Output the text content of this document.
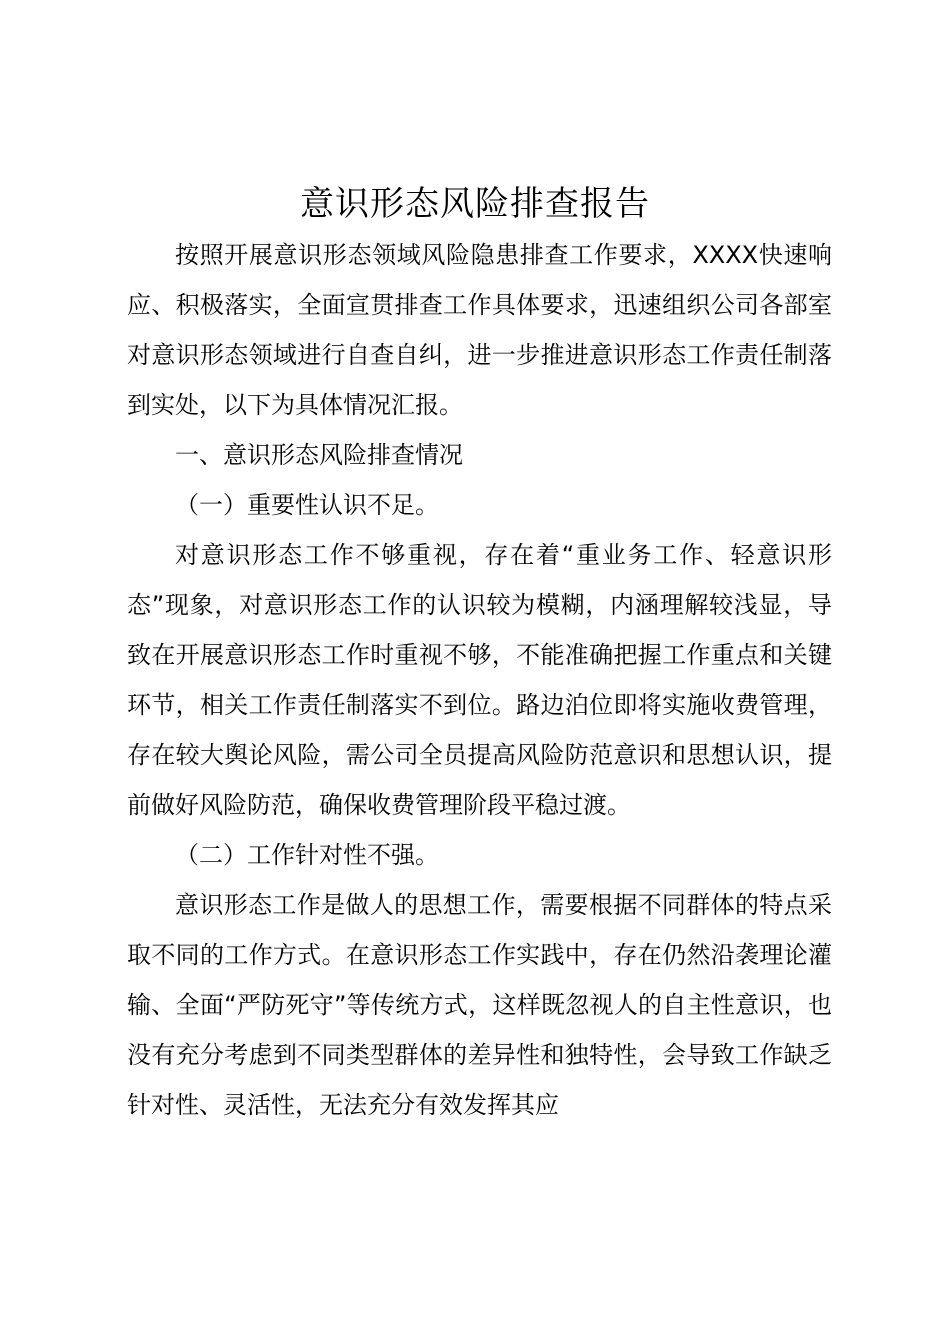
意识形态风险排查报告

按照开展意识形态领域风险隐患排查工作要求，XXXX快速响应、积极落实，全面宣贯排查工作具体要求，迅速组织公司各部室对意识形态领域进行自查自纠，进一步推进意识形态工作责任制落到实处，以下为具体情况汇报。

一、意识形态风险排查情况

（一）重要性认识不足。

对意识形态工作不够重视，存在着“重业务工作、轻意识形态”现象，对意识形态工作的认识较为模糊，内涵理解较浅显，导致在开展意识形态工作时重视不够，不能准确把握工作重点和关键环节，相关工作责任制落实不到位。路边泊位即将实施收费管理，存在较大舆论风险，需公司全员提高风险防范意识和思想认识，提前做好风险防范，确保收费管理阶段平稳过渡。

（二）工作针对性不强。

意识形态工作是做人的思想工作，需要根据不同群体的特点采取不同的工作方式。在意识形态工作实践中，存在仍然沿袭理论灌输、全面“严防死守”等传统方式，这样既忽视人的自主性意识，也没有充分考虑到不同类型群体的差异性和独特性，会导致工作缺乏针对性、灵活性，无法充分有效发挥其应
